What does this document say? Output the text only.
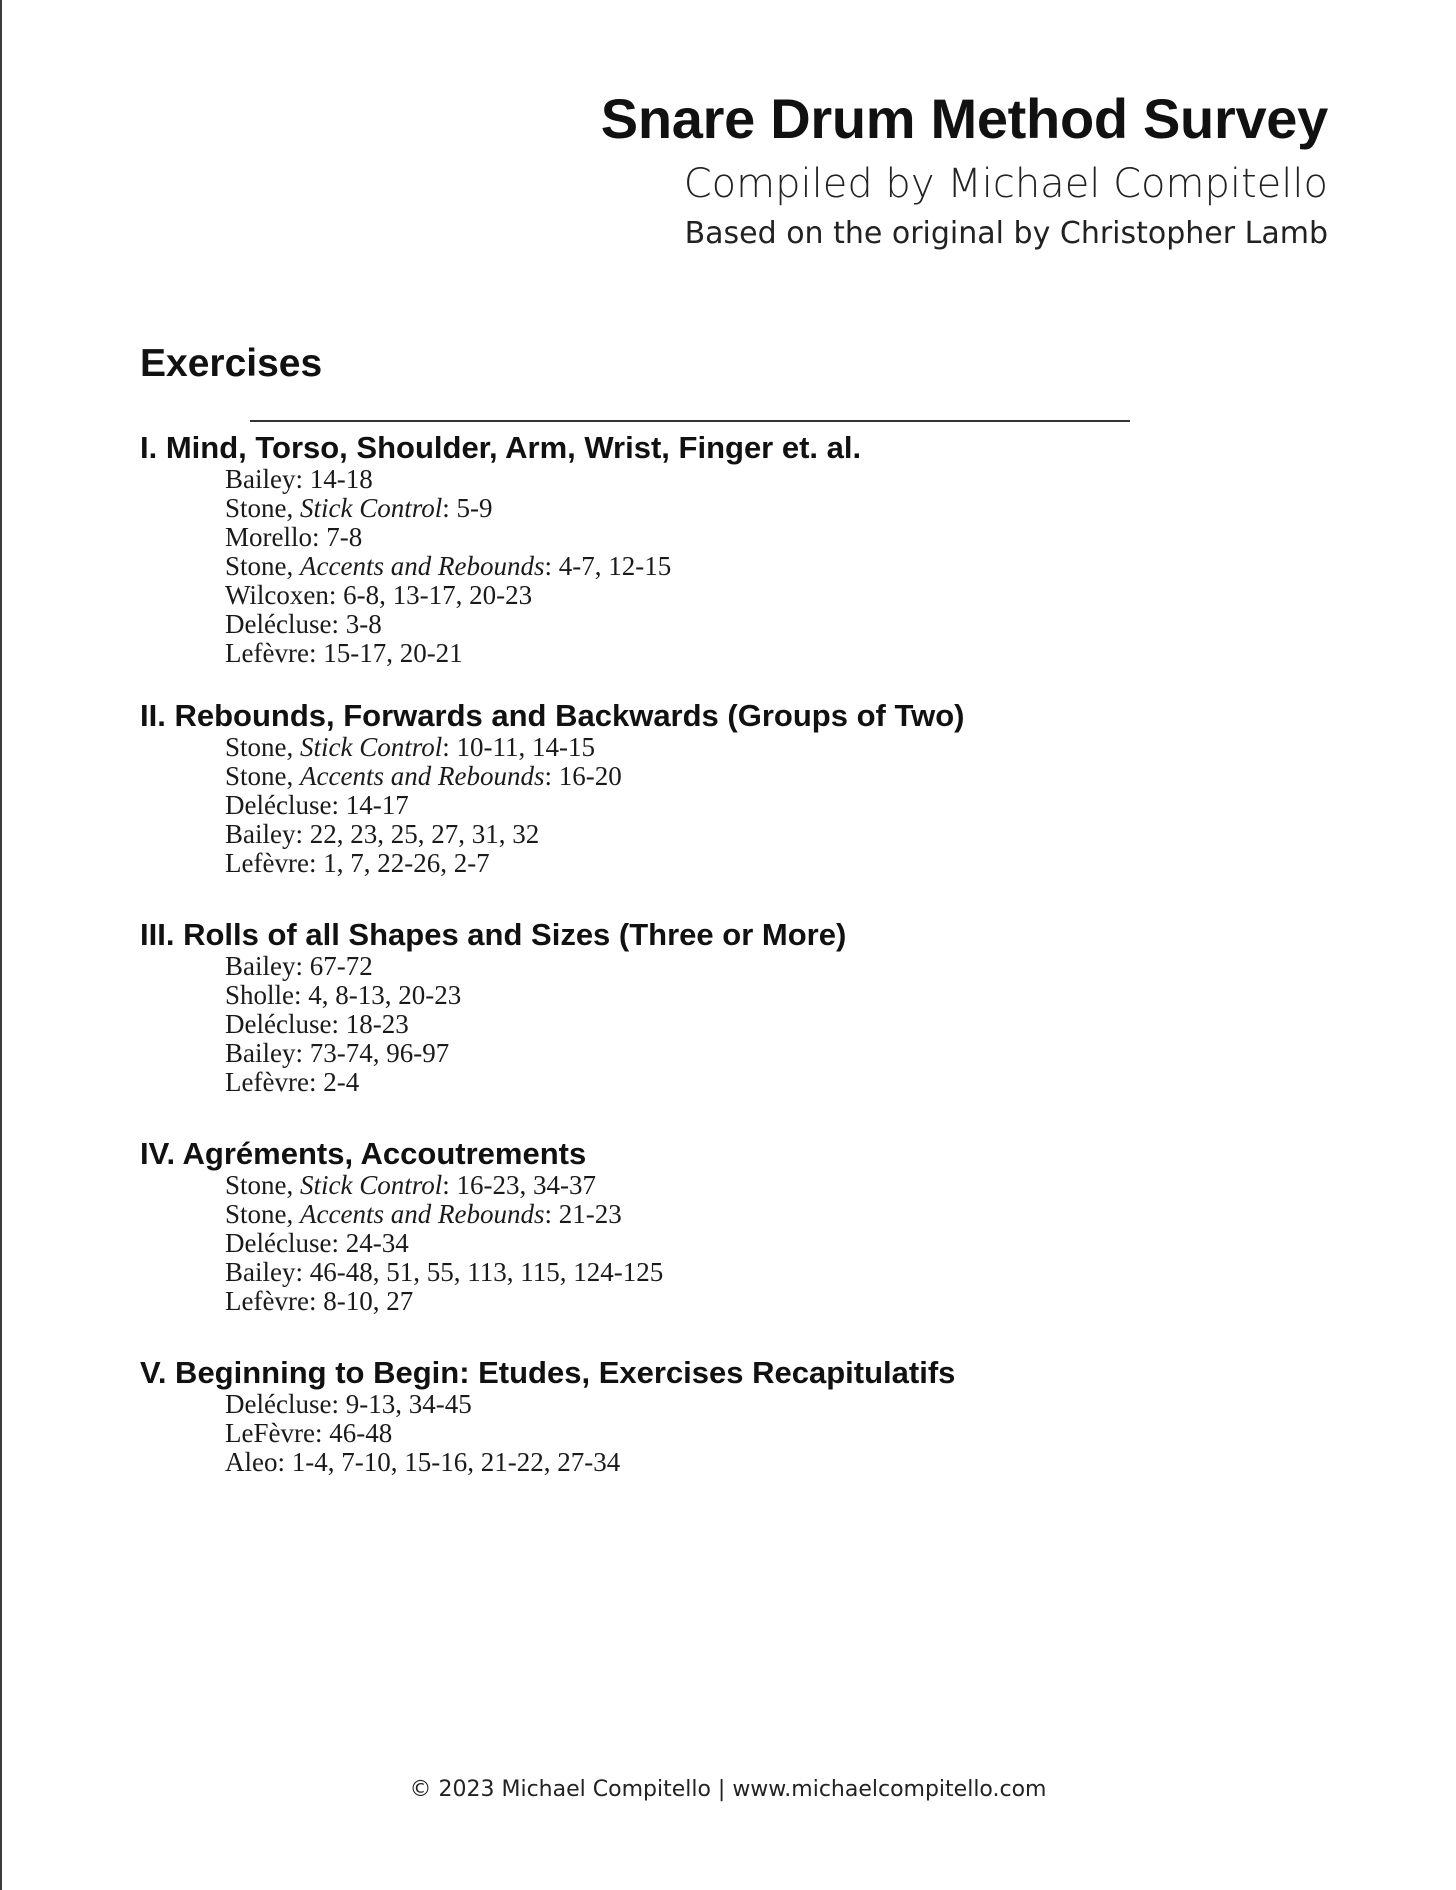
Snare Drum Method Survey
Compiled by Michael Compitello
Based on the original by Christopher Lamb
Exercises
I. Mind, Torso, Shoulder, Arm, Wrist, Finger et. al.
Bailey: 14-18
Stone, Stick Control: 5-9
Morello: 7-8
Stone, Accents and Rebounds: 4-7, 12-15
Wilcoxen: 6-8, 13-17, 20-23
Delécluse: 3-8
Lefèvre: 15-17, 20-21
II. Rebounds, Forwards and Backwards (Groups of Two)
Stone, Stick Control: 10-11, 14-15
Stone, Accents and Rebounds: 16-20
Delécluse: 14-17
Bailey: 22, 23, 25, 27, 31, 32
Lefèvre: 1, 7, 22-26, 2-7
III. Rolls of all Shapes and Sizes (Three or More)
Bailey: 67-72
Sholle: 4, 8-13, 20-23
Delécluse: 18-23
Bailey: 73-74, 96-97
Lefèvre: 2-4
IV. Agréments, Accoutrements
Stone, Stick Control: 16-23, 34-37
Stone, Accents and Rebounds: 21-23
Delécluse: 24-34
Bailey: 46-48, 51, 55, 113, 115, 124-125
Lefèvre: 8-10, 27
V. Beginning to Begin: Etudes, Exercises Recapitulatifs
Delécluse: 9-13, 34-45
LeFèvre: 46-48
Aleo: 1-4, 7-10, 15-16, 21-22, 27-34
© 2023 Michael Compitello | www.michaelcompitello.com
